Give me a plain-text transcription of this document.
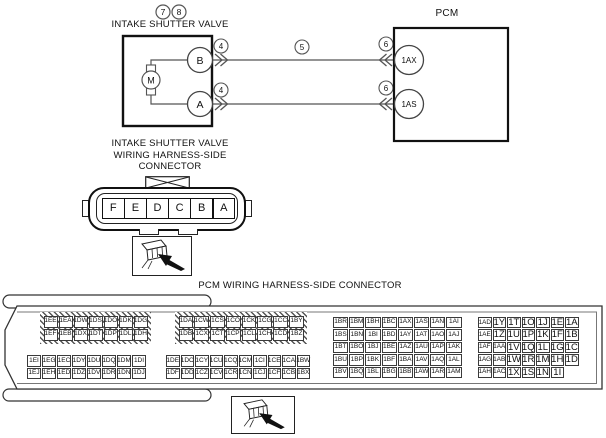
7 8
INTAKE SHUTTER VALVE
M
B
A
4
4
5	6
6
PCM
1AX
1AS
INTAKE SHUTTER VALVE
WIRING HARNESS-SIDE
CONNECTOR
F	E	D	C	B	A
PCM WIRING HARNESS-SIDE CONNECTOR
1EE 1EA 1DW 1DS 1DO 1DK 1DG
1EF 1EB 1DX 1DT 1DP 1DL 1DH
1DA 1CW 1CS 1CO 1CK 1CG 1CC 1BY
1DB 1CX 1CT 1CP 1CL 1CH 1CD 1BZ
1EI 1EG 1EC 1DY 1DU 1DQ 1DM 1DI
1EJ 1EH 1ED 1DZ 1DV 1DR 1DN 1DJ
1DE 1DC 1CY 1CU 1CQ 1CM 1CI 1CE 1CA 1BW
1DF 1DD 1CZ 1CV 1CR 1CN 1CJ 1CF 1CB 1BX
1BR 1BM 1BH 1BC 1AX 1AS 1AN 1AI
1BS 1BN 1BI 1BD 1AY 1AT 1AO 1AJ
1BT 1BO 1BJ 1BE 1AZ 1AU 1AP 1AK
1BU 1BP 1BK 1BF 1BA 1AV 1AQ 1AL
1BV 1BQ 1BL 1BG 1BB 1AW 1AR 1AM
1AD 1Y 1T 1O 1J 1E 1A
1AE 1Z 1U 1P 1K 1F 1B
1AF 1AA 1V 1Q 1L 1G 1C
1AG 1AB 1W 1R 1M 1H 1D
1AH 1AC 1X 1S 1N 1I
